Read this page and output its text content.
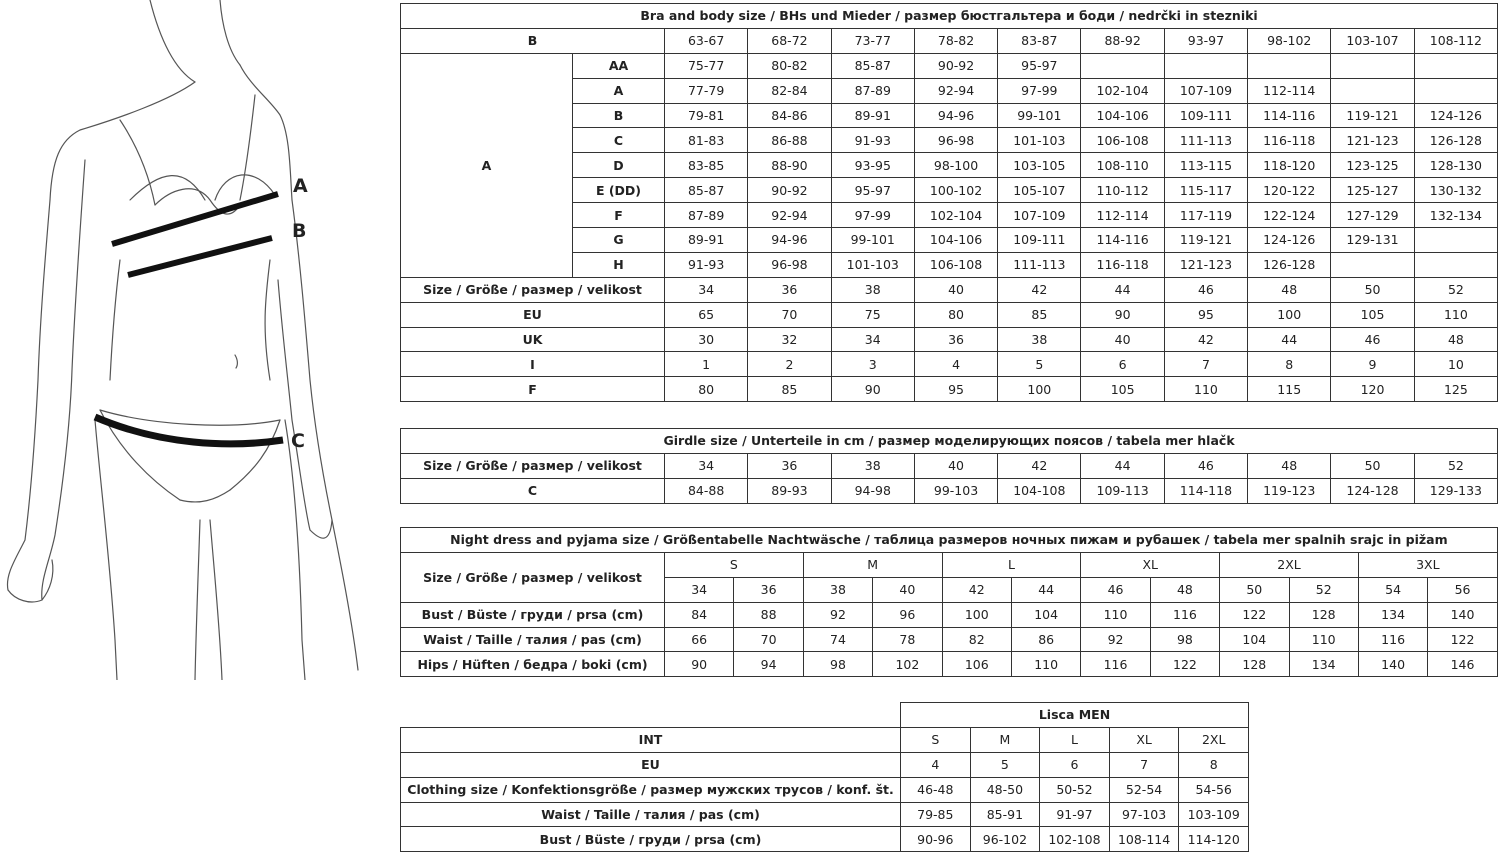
A
B
C
Bra and body size / BHs und Mieder / размер бюстгальтера и боди / nedrčki in stezniki											
B		63-67	68-72	73-77	78-82	83-87	88-92	93-97	98-102	103-107	108-112
A	AA	75-77	80-82	85-87	90-92	95-97					
	A	77-79	82-84	87-89	92-94	97-99	102-104	107-109	112-114		
	B	79-81	84-86	89-91	94-96	99-101	104-106	109-111	114-116	119-121	124-126
	C	81-83	86-88	91-93	96-98	101-103	106-108	111-113	116-118	121-123	126-128
	D	83-85	88-90	93-95	98-100	103-105	108-110	113-115	118-120	123-125	128-130
	E (DD)	85-87	90-92	95-97	100-102	105-107	110-112	115-117	120-122	125-127	130-132
	F	87-89	92-94	97-99	102-104	107-109	112-114	117-119	122-124	127-129	132-134
	G	89-91	94-96	99-101	104-106	109-111	114-116	119-121	124-126	129-131	
	H	91-93	96-98	101-103	106-108	111-113	116-118	121-123	126-128		
Size / Größe / размер / velikost		34	36	38	40	42	44	46	48	50	52
EU		65	70	75	80	85	90	95	100	105	110
UK		30	32	34	36	38	40	42	44	46	48
I		1	2	3	4	5	6	7	8	9	10
F		80	85	90	95	100	105	110	115	120	125
Girdle size / Unterteile in cm / размер моделирующих поясов / tabela mer hlačk										
Size / Größe / размер / velikost	34	36	38	40	42	44	46	48	50	52
C	84-88	89-93	94-98	99-103	104-108	109-113	114-118	119-123	124-128	129-133
Night dress and pyjama size / Größentabelle Nachtwäsche / таблица размеров ночных пижам и рубашек / tabela mer spalnih srajc in pižam												
Size / Größe / размер / velikost	S		M		L		XL		2XL		3XL	
	34	36	38	40	42	44	46	48	50	52	54	56
Bust / Büste / груди / prsa (cm)	84	88	92	96	100	104	110	116	122	128	134	140
Waist / Taille / талия / pas (cm)	66	70	74	78	82	86	92	98	104	110	116	122
Hips / Hüften / бедра / boki (cm)	90	94	98	102	106	110	116	122	128	134	140	146
	Lisca MEN				
INT	S	M	L	XL	2XL
EU	4	5	6	7	8
Clothing size / Konfektionsgröße / размер мужских трусов / konf. št.	46-48	48-50	50-52	52-54	54-56
Waist / Taille / талия / pas (cm)	79-85	85-91	91-97	97-103	103-109
Bust / Büste / груди / prsa (cm)	90-96	96-102	102-108	108-114	114-120
